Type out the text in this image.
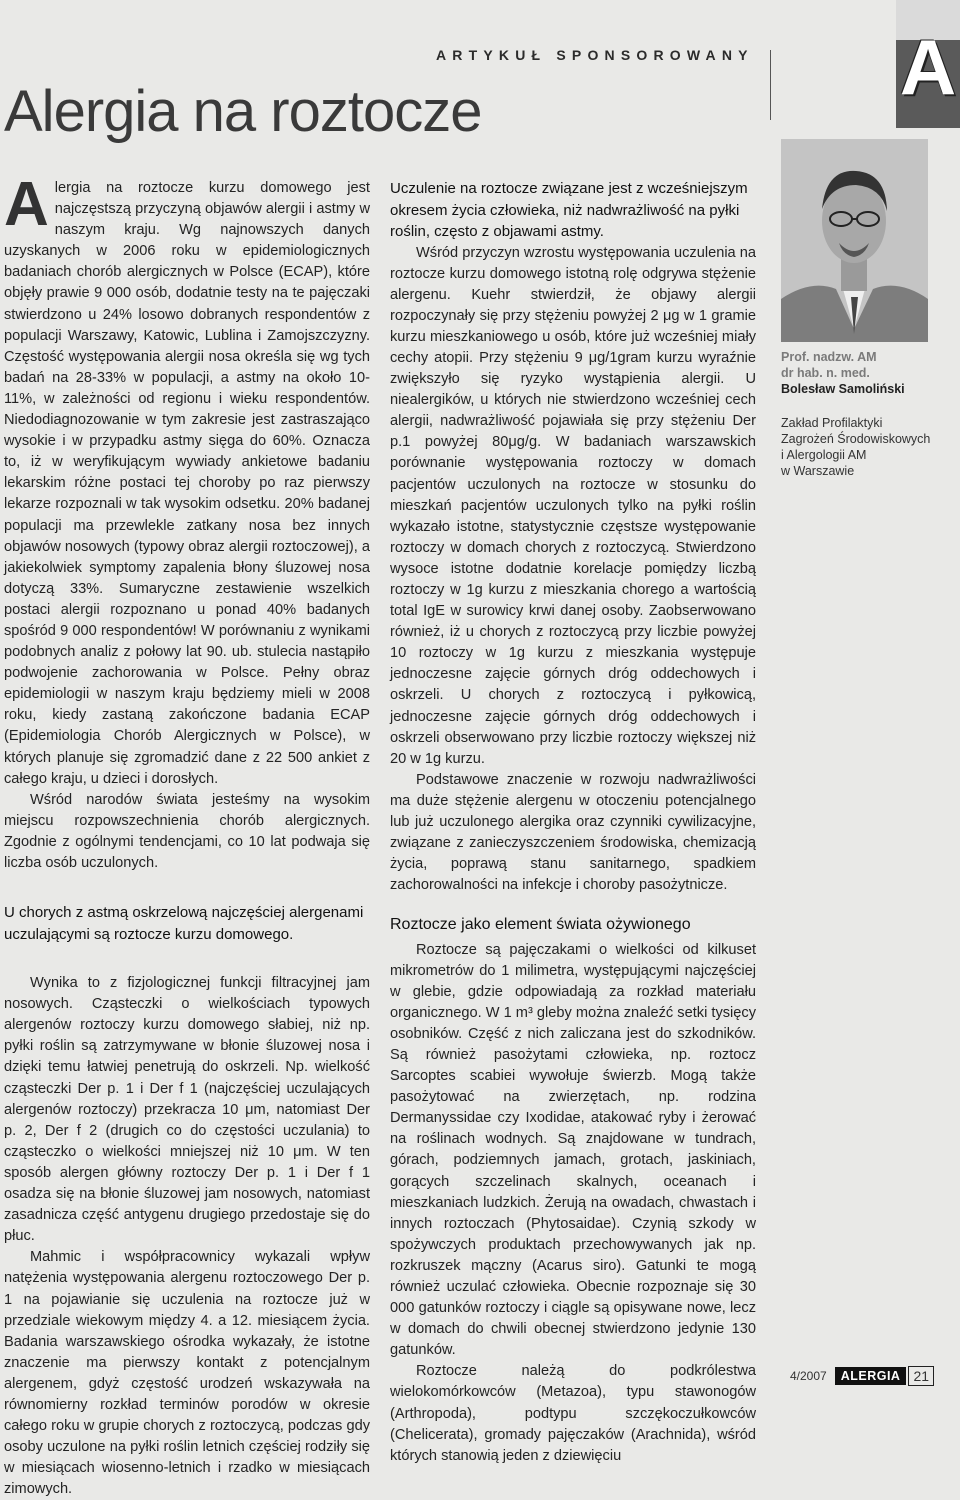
ARTYKUŁ SPONSOROWANY A
Alergia na roztocze

Alergia na roztocze kurzu domowego jest najczęstszą przyczyną objawów alergii i astmy w naszym kraju. Wg najnowszych danych uzyskanych w 2006 roku w epidemiologicznych badaniach chorób alergicznych w Polsce (ECAP), które objęły prawie 9 000 osób, dodatnie testy na te pajęczaki stwierdzono u 24% losowo dobranych respondentów z populacji Warszawy, Katowic, Lublina i Zamojszczyzny. Częstość występowania alergii nosa określa się wg tych badań na 28-33% w populacji, a astmy na około 10-11%, w zależności od regionu i wieku respondentów. Niedodiagnozowanie w tym zakresie jest zastraszająco wysokie i w przypadku astmy sięga do 60%. Oznacza to, iż w weryfikującym wywiady ankietowe badaniu lekarskim różne postaci tej choroby po raz pierwszy lekarze rozpoznali w tak wysokim odsetku. 20% badanej populacji ma przewlekle zatkany nosa bez innych objawów nosowych (typowy obraz alergii roztoczowej), a jakiekolwiek symptomy zapalenia błony śluzowej nosa dotyczą 33%. Sumaryczne zestawienie wszelkich postaci alergii rozpoznano u ponad 40% badanych spośród 9 000 respondentów! W porównaniu z wynikami podobnych analiz z połowy lat 90. ub. stulecia nastąpiło podwojenie zachorowania w Polsce. Pełny obraz epidemiologii w naszym kraju będziemy mieli w 2008 roku, kiedy zastaną zakończone badania ECAP (Epidemiologia Chorób Alergicznych w Polsce), w których planuje się zgromadzić dane z 22 500 ankiet z całego kraju, u dzieci i dorosłych.

Wśród narodów świata jesteśmy na wysokim miejscu rozpowszechnienia chorób alergicznych. Zgodnie z ogólnymi tendencjami, co 10 lat podwaja się liczba osób uczulonych.

U chorych z astmą oskrzelową najczęściej alergenami uczulającymi są roztocze kurzu domowego.

Wynika to z fizjologicznej funkcji filtracyjnej jam nosowych. Cząsteczki o wielkościach typowych alergenów roztoczy kurzu domowego słabiej, niż np. pyłki roślin są zatrzymywane w błonie śluzowej nosa i dzięki temu łatwiej penetrują do oskrzeli. Np. wielkość cząsteczki Der p. 1 i Der f 1 (najczęściej uczulających alergenów roztoczy) przekracza 10 μm, natomiast Der p. 2, Der f 2 (drugich co do częstości uczulania) to cząsteczko o wielkości mniejszej niż 10 μm. W ten sposób alergen główny roztoczy Der p. 1 i Der f 1 osadza się na błonie śluzowej jam nosowych, natomiast zasadnicza część antygenu drugiego przedostaje się do płuc.

Mahmic i współpracownicy wykazali wpływ natężenia występowania alergenu roztoczowego Der p. 1 na pojawianie się uczulenia na roztocze już w przedziale wiekowym między 4. a 12. miesiącem życia. Badania warszawskiego ośrodka wykazały, że istotne znaczenie ma pierwszy kontakt z potencjalnym alergenem, gdyż częstość urodzeń wskazywała na równomierny rozkład terminów porodów w okresie całego roku w grupie chorych z roztoczycą, podczas gdy osoby uczulone na pyłki roślin letnich częściej rodziły się w miesiącach wiosenno-letnich i rzadko w miesiącach zimowych.

Uczulenie na roztocze związane jest z wcześniejszym okresem życia człowieka, niż nadwrażliwość na pyłki roślin, często z objawami astmy.

Wśród przyczyn wzrostu występowania uczulenia na roztocze kurzu domowego istotną rolę odgrywa stężenie alergenu. Kuehr stwierdził, że objawy alergii rozpoczynały się przy stężeniu powyżej 2 μg w 1 gramie kurzu mieszkaniowego u osób, które już wcześniej miały cechy atopii. Przy stężeniu 9 μg/1gram kurzu wyraźnie zwiększyło się ryzyko wystąpienia alergii. U niealergików, u których nie stwierdzono wcześniej cech alergii, nadwrażliwość pojawiała się przy stężeniu Der p.1 powyżej 80μg/g. W badaniach warszawskich porównanie występowania roztoczy w domach pacjentów uczulonych na roztocze w stosunku do mieszkań pacjentów uczulonych tylko na pyłki roślin wykazało istotne, statystycznie częstsze występowanie roztoczy w domach chorych z roztoczycą. Stwierdzono wysoce istotne dodatnie korelacje pomiędzy liczbą roztoczy w 1g kurzu z mieszkania chorego a wartością total IgE w surowicy krwi danej osoby. Zaobserwowano również, iż u chorych z roztoczycą przy liczbie powyżej 10 roztoczy w 1g kurzu z mieszkania występuje jednoczesne zajęcie górnych dróg oddechowych i oskrzeli. U chorych z roztoczycą i pyłkowicą, jednoczesne zajęcie górnych dróg oddechowych i oskrzeli obserwowano przy liczbie roztoczy większej niż 20 w 1g kurzu.

Podstawowe znaczenie w rozwoju nadwrażliwości ma duże stężenie alergenu w otoczeniu potencjalnego lub już uczulonego alergika oraz czynniki cywilizacyjne, związane z zanieczyszczeniem środowiska, chemizacją życia, poprawą stanu sanitarnego, spadkiem zachorowalności na infekcje i choroby pasożytnicze.

Roztocze jako element świata ożywionego

Roztocze są pajęczakami o wielkości od kilkuset mikrometrów do 1 milimetra, występującymi najczęściej w glebie, gdzie odpowiadają za rozkład materiału organicznego. W 1 m³ gleby można znaleźć setki tysięcy osobników. Część z nich zaliczana jest do szkodników. Są również pasożytami człowieka, np. roztocz Sarcoptes scabiei wywołuje świerzb. Mogą także pasożytować na zwierzętach, np. rodzina Dermanyssidae czy Ixodidae, atakować ryby i żerować na roślinach wodnych. Są znajdowane w tundrach, górach, podziemnych jamach, grotach, jaskiniach, gorących szczelinach skalnych, oceanach i mieszkaniach ludzkich. Żerują na owadach, chwastach i innych roztoczach (Phytosaidae). Czynią szkody w spożywczych produktach przechowywanych jak np. rozkruszek mączny (Acarus siro). Gatunki te mogą również uczulać człowieka. Obecnie rozpoznaje się 30 000 gatunków roztoczy i ciągle są opisywane nowe, lecz w domach do chwili obecnej stwierdzono jedynie 130 gatunków.

Roztocze należą do podkrólestwa wielokomórkowców (Metazoa), typu stawonogów (Arthropoda), podtypu szczękoczułkowców (Chelicerata), gromady pajęczaków (Arachnida), wśród których stanowią jeden z dziewięciu

Prof. nadzw. AM
dr hab. n. med.
Bolesław Samoliński
Zakład Profilaktyki
Zagrożeń Środowiskowych
i Alergologii AM
w Warszawie
4/2007	ALERGIA 21
